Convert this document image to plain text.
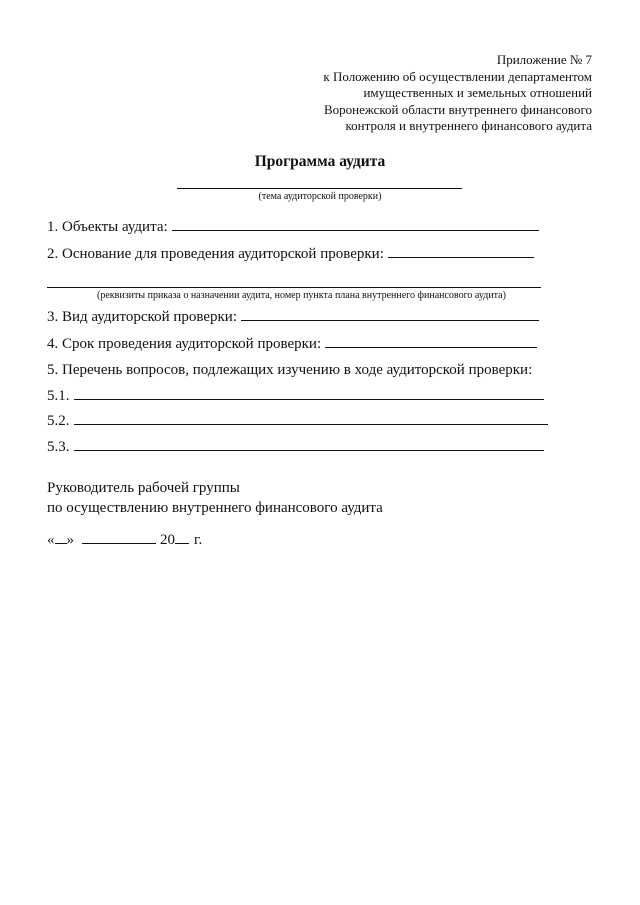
Приложение № 7
к Положению об осуществлении департаментом
имущественных и земельных отношений
Воронежской области внутреннего финансового
контроля и внутреннего финансового аудита
Программа аудита
(тема аудиторской проверки)
1. Объекты аудита:
2. Основание для проведения аудиторской проверки:
(реквизиты приказа о назначении аудита, номер пункта плана внутреннего финансового аудита)
3. Вид аудиторской проверки:
4. Срок проведения аудиторской проверки:
5. Перечень вопросов, подлежащих изучению в ходе аудиторской проверки:
5.1.
5.2.
5.3.
Руководитель рабочей группы
по осуществлению внутреннего финансового аудита
« »	20 г.
